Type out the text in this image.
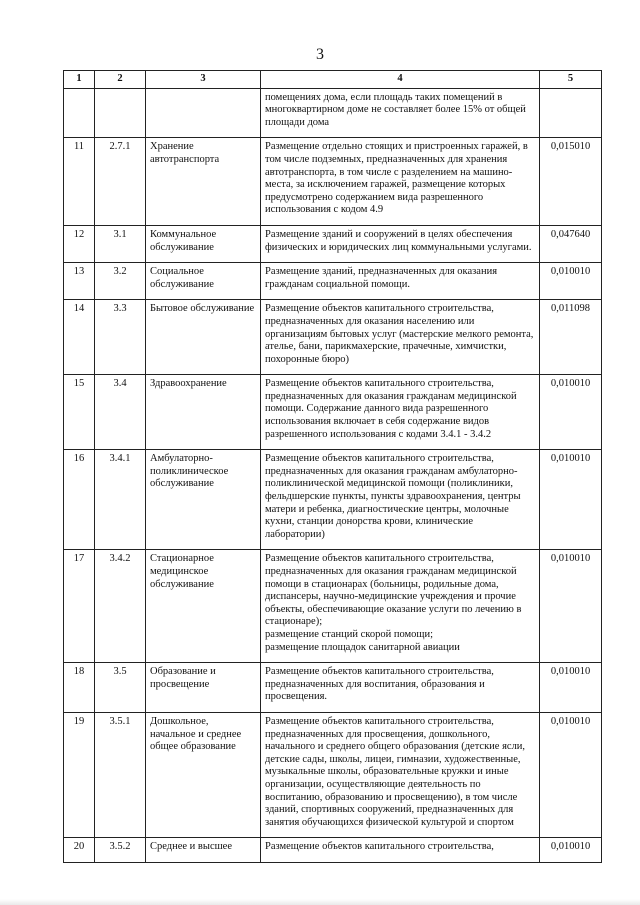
3
1	2	3	4	5
			помещениях дома, если площадь таких помещений в многоквартирном доме не составляет более 15% от общей площади дома	
11	2.7.1	Хранение автотранспорта	Размещение отдельно стоящих и пристроенных гаражей, в том числе подземных, предназначенных для хранения автотранспорта, в том числе с разделением на машино-места, за исключением гаражей, размещение которых предусмотрено содержанием вида разрешенного использования с кодом 4.9	0,015010
12	3.1	Коммунальное обслуживание	Размещение зданий и сооружений в целях обеспечения физических и юридических лиц коммунальными услугами.	0,047640
13	3.2	Социальное обслуживание	Размещение зданий, предназначенных для оказания гражданам социальной помощи.	0,010010
14	3.3	Бытовое обслуживание	Размещение объектов капитального строительства, предназначенных для оказания населению или организациям бытовых услуг (мастерские мелкого ремонта, ателье, бани, парикмахерские, прачечные, химчистки, похоронные бюро)	0,011098
15	3.4	Здравоохранение	Размещение объектов капитального строительства, предназначенных для оказания гражданам медицинской помощи. Содержание данного вида разрешенного использования включает в себя содержание видов разрешенного использования с кодами 3.4.1 - 3.4.2	0,010010
16	3.4.1	Амбулаторно-поликлиническое обслуживание	Размещение объектов капитального строительства, предназначенных для оказания гражданам амбулаторно-поликлинической медицинской помощи (поликлиники, фельдшерские пункты, пункты здравоохранения, центры матери и ребенка, диагностические центры, молочные кухни, станции донорства крови, клинические лаборатории)	0,010010
17	3.4.2	Стационарное медицинское обслуживание	Размещение объектов капитального строительства, предназначенных для оказания гражданам медицинской помощи в стационарах (больницы, родильные дома, диспансеры, научно-медицинские учреждения и прочие объекты, обеспечивающие оказание услуги по лечению в стационаре);
размещение станций скорой помощи;
размещение площадок санитарной авиации	0,010010
18	3.5	Образование и просвещение	Размещение объектов капитального строительства, предназначенных для воспитания, образования и просвещения.	0,010010
19	3.5.1	Дошкольное, начальное и среднее общее образование	Размещение объектов капитального строительства, предназначенных для просвещения, дошкольного, начального и среднего общего образования (детские ясли, детские сады, школы, лицеи, гимназии, художественные, музыкальные школы, образовательные кружки и иные организации, осуществляющие деятельность по воспитанию, образованию и просвещению), в том числе зданий, спортивных сооружений, предназначенных для занятия обучающихся физической культурой и спортом	0,010010
20	3.5.2	Среднее и высшее	Размещение объектов капитального строительства,	0,010010
